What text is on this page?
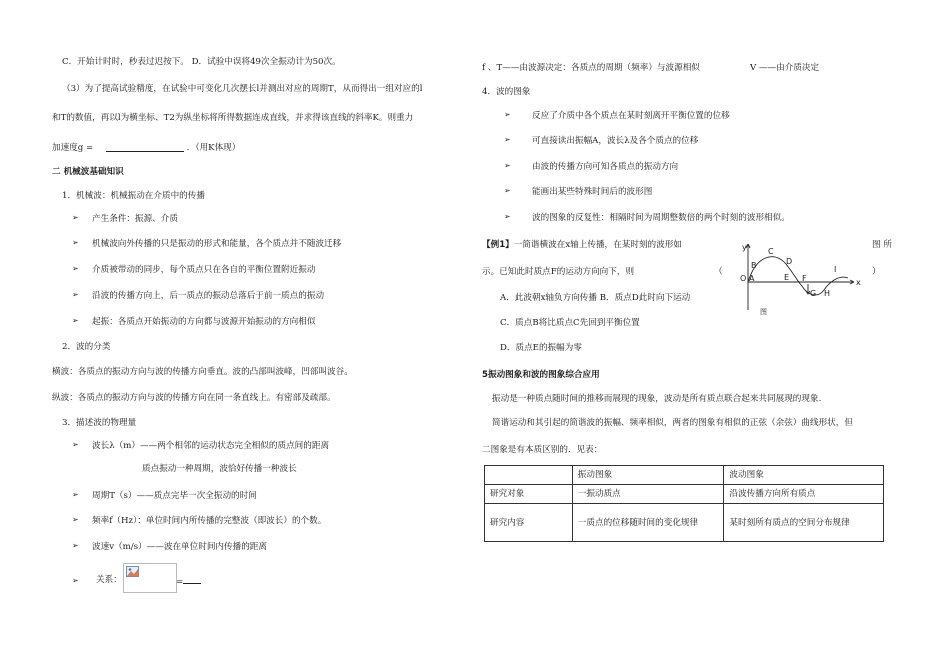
C．开始计时时，秒表过迟按下。 D．试验中误将49次全振动计为50次。
（3）为了提高试验精度，在试验中可变化几次摆长l并测出对应的周期T，从而得出一组对应的l
和T的数值，再以l为横坐标、T2为纵坐标将所得数据连成直线，并求得该直线的斜率K。则重力
加速度g =	．（用K体现）
二 机械波基础知识
1．机械波：机械振动在介质中的传播
➢ 产生条件：振源、介质
➢ 机械波向外传播的只是振动的形式和能量，各个质点并不随波迁移
➢ 介质被带动的同步，每个质点只在各自的平衡位置附近振动
➢ 沿波的传播方向上，后一质点的振动总落后于前一质点的振动
➢ 起振：各质点开始振动的方向都与波源开始振动的方向相似
2．波的分类
横波：各质点的振动方向与波的传播方向垂直。波的凸部叫波峰，凹部叫波谷。
纵波：各质点的振动方向与波的传播方向在同一条直线上。有密部及疏部。
3．描述波的物理量
➢ 波长λ（m）——两个相邻的运动状态完全相似的质点间的距离
质点振动一种周期，波恰好传播一种波长
➢ 周期T（s）——质点完毕一次全振动的时间
➢ 频率f（Hz）：单位时间内所传播的完整波（即波长）的个数。
➢ 波速v（m/s）——波在单位时间内传播的距离
➢ 关系：	=
f 、T——由波源决定：各质点的周期（频率）与波源相似	V ——由介质决定
4．波的图象
➢ 反应了介质中各个质点在某时刻离开平衡位置的位移
➢ 可直接读出振幅A，波长λ及各个质点的位移
➢ 由波的传播方向可知各质点的振动方向
➢ 能画出某些特殊时间后的波形图
➢ 波的图象的反复性：相隔时间为周期整数倍的两个时刻的波形相似。
【例1】一简谐横波在x轴上传播，在某时刻的波形如	图 所
示。已知此时质点F的运动方向向下，则	（	）
A．此波朝x轴负方向传播 B．质点D此时向下运动
C．质点B将比质点C先回到平衡位置
D．质点E的振幅为零
y	C
B	D
O A	E F
G H
I
x
图
5振动图象和波的图象综合应用
振动是一种质点随时间的推移而展现的现象，波动是所有质点联合起来共同展现的现象.
简谐运动和其引起的简谐波的振幅、频率相似，两者的图象有相似的正弦（余弦）曲线形状，但
二图象是有本质区别的．见表：
	振动图象	波动图象
研究对象	一振动质点	沿波传播方向所有质点
研究内容	一质点的位移随时间的变化规律	某时刻所有质点的空间分布规律
